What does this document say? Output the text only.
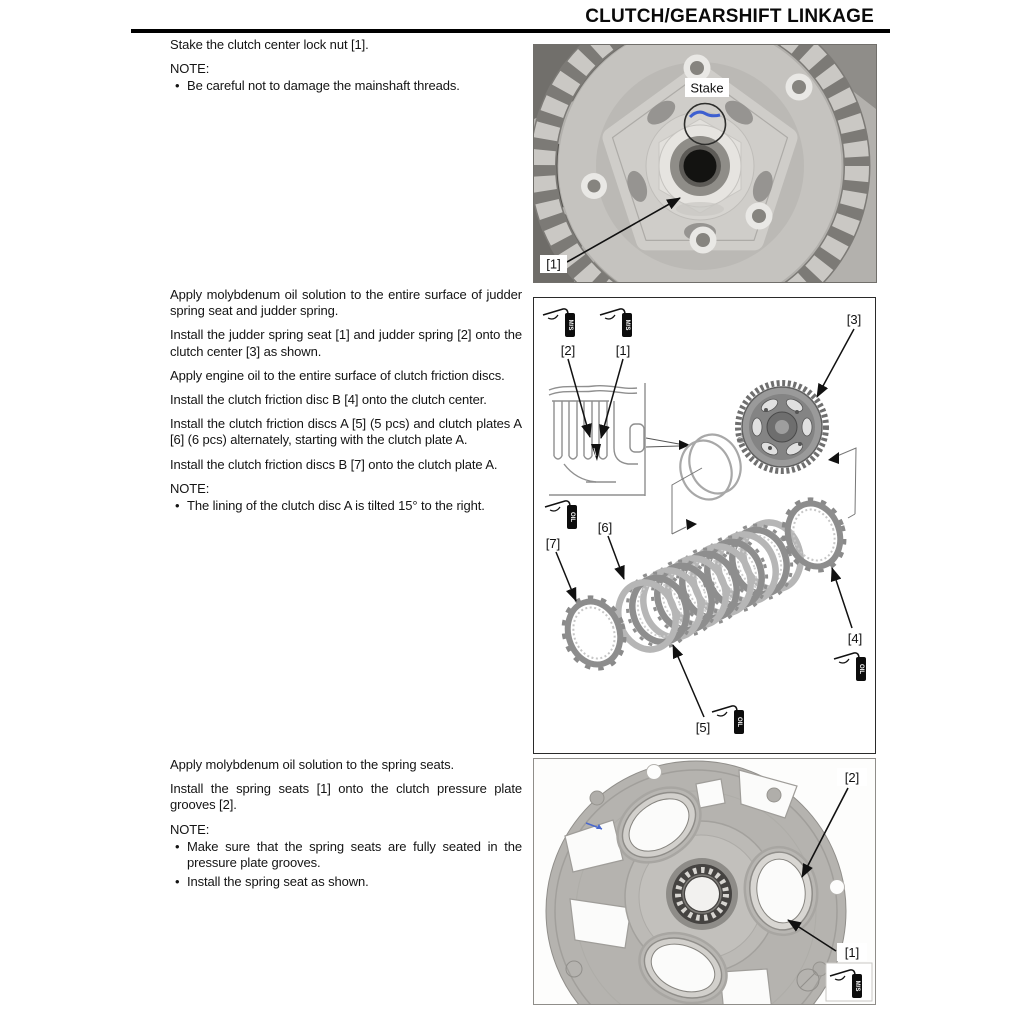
CLUTCH/GEARSHIFT LINKAGE

Stake the clutch center lock nut [1].

NOTE:
• Be careful not to damage the mainshaft threads.

Apply molybdenum oil solution to the entire surface of judder spring seat and judder spring.

Install the judder spring seat [1] and judder spring [2] onto the clutch center [3] as shown.

Apply engine oil to the entire surface of clutch friction discs.

Install the clutch friction disc B [4] onto the clutch center.

Install the clutch friction discs A [5] (5 pcs) and clutch plates A [6] (6 pcs) alternately, starting with the clutch plate A.

Install the clutch friction discs B [7] onto the clutch plate A.

NOTE:
• The lining of the clutch disc A is tilted 15° to the right.

Apply molybdenum oil solution to the spring seats.

Install the spring seats [1] onto the clutch pressure plate grooves [2].

NOTE:
• Make sure that the spring seats are fully seated in the pressure plate grooves.
• Install the spring seat as shown.
Stake
[1]
M/S	M/S
OIL
OIL
OIL
[2]	[1]
[3]
[6]
[7]
[5]
[4]
[2]
[1]
M/S
